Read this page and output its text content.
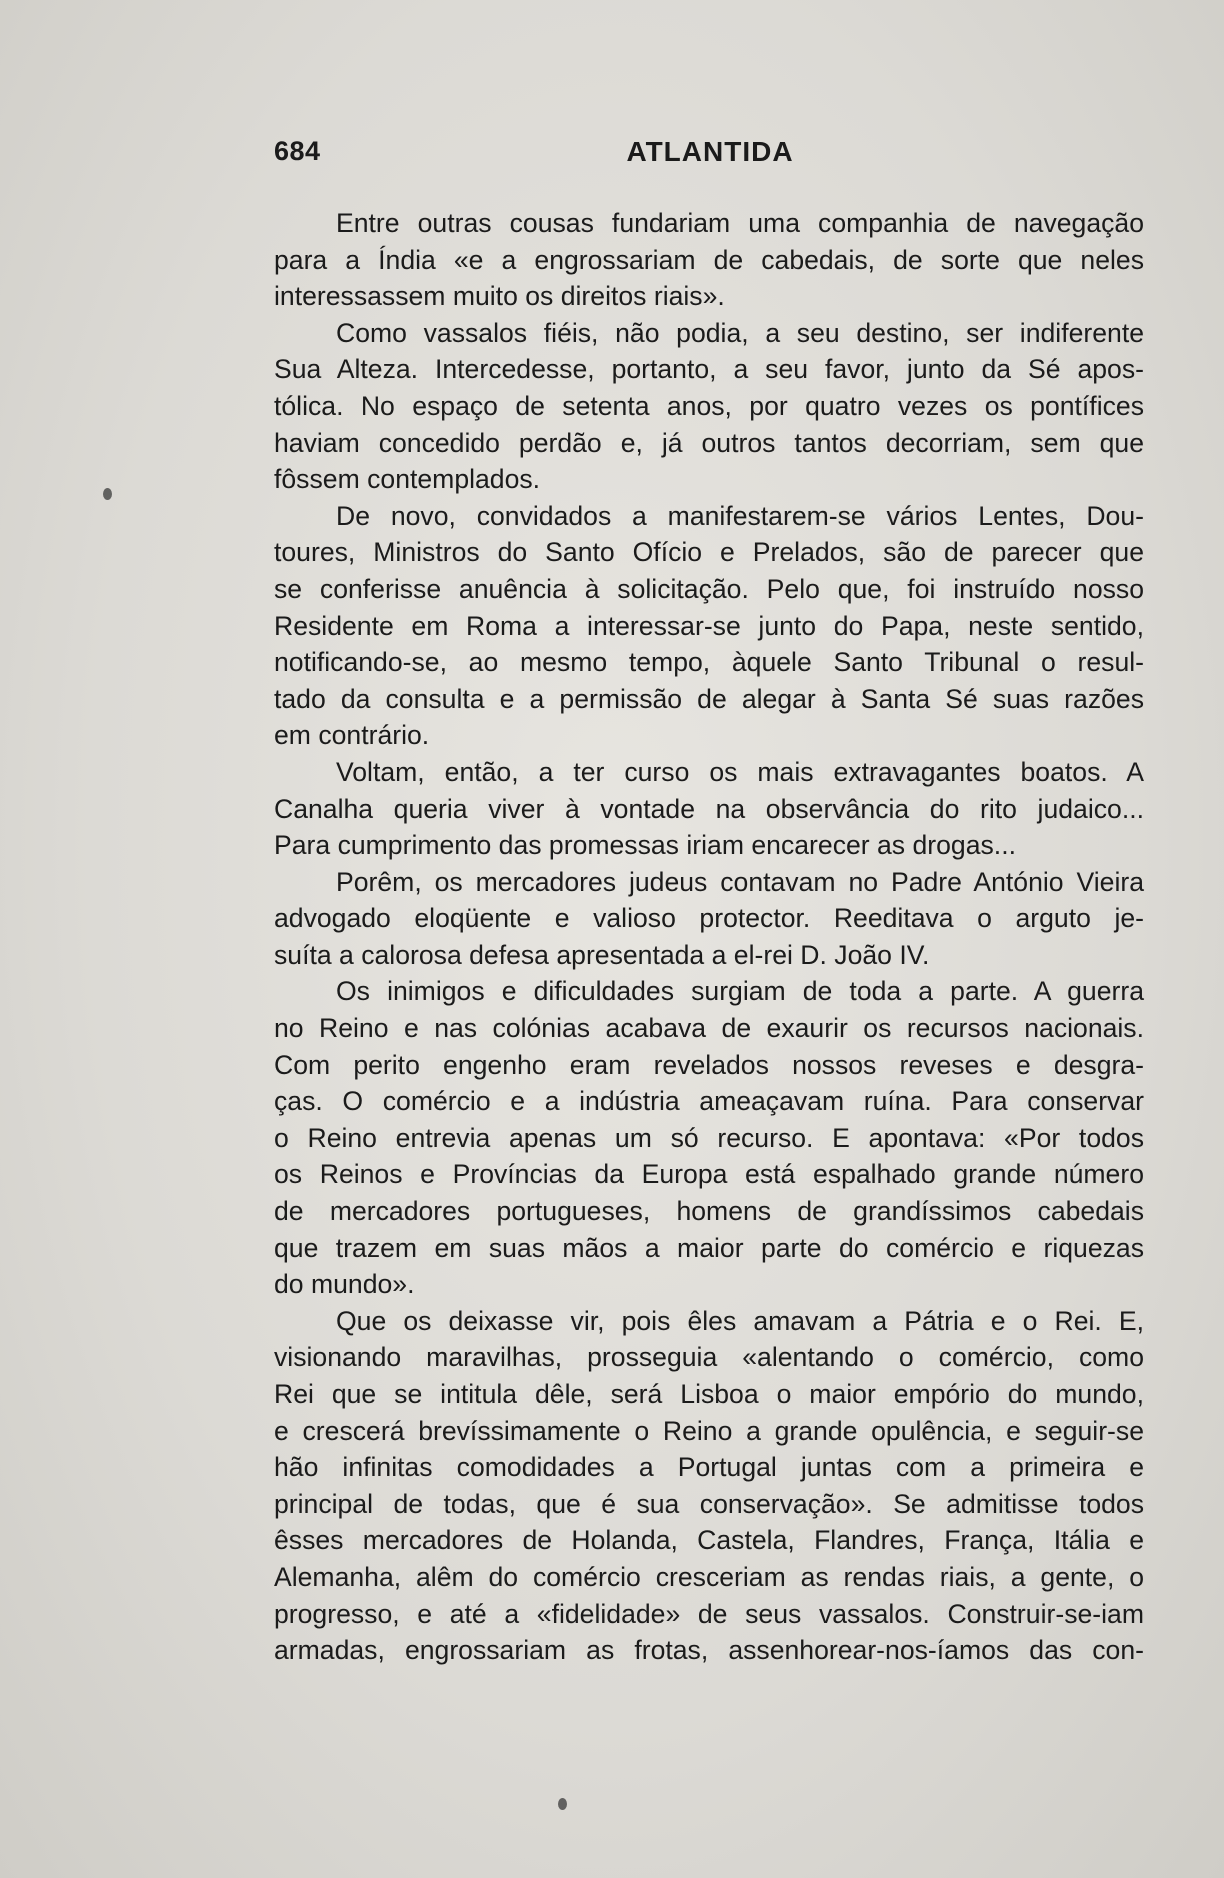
684	ATLANTIDA
Entre outras cousas fundariam uma companhia de navegação
para a Índia «e a engrossariam de cabedais, de sorte que neles
interessassem muito os direitos riais».
Como vassalos fiéis, não podia, a seu destino, ser indiferente
Sua Alteza. Intercedesse, portanto, a seu favor, junto da Sé apos-
tólica. No espaço de setenta anos, por quatro vezes os pontífices
haviam concedido perdão e, já outros tantos decorriam, sem que
fôssem contemplados.
De novo, convidados a manifestarem-se vários Lentes, Dou-
toures, Ministros do Santo Ofício e Prelados, são de parecer que
se conferisse anuência à solicitação. Pelo que, foi instruído nosso
Residente em Roma a interessar-se junto do Papa, neste sentido,
notificando-se, ao mesmo tempo, àquele Santo Tribunal o resul-
tado da consulta e a permissão de alegar à Santa Sé suas razões
em contrário.
Voltam, então, a ter curso os mais extravagantes boatos. A
Canalha queria viver à vontade na observância do rito judaico...
Para cumprimento das promessas iriam encarecer as drogas...
Porêm, os mercadores judeus contavam no Padre António Vieira
advogado eloqüente e valioso protector. Reeditava o arguto je-
suíta a calorosa defesa apresentada a el-rei D. João IV.
Os inimigos e dificuldades surgiam de toda a parte. A guerra
no Reino e nas colónias acabava de exaurir os recursos nacionais.
Com perito engenho eram revelados nossos reveses e desgra-
ças. O comércio e a indústria ameaçavam ruína. Para conservar
o Reino entrevia apenas um só recurso. E apontava: «Por todos
os Reinos e Províncias da Europa está espalhado grande número
de mercadores portugueses, homens de grandíssimos cabedais
que trazem em suas mãos a maior parte do comércio e riquezas
do mundo».
Que os deixasse vir, pois êles amavam a Pátria e o Rei. E,
visionando maravilhas, prosseguia «alentando o comércio, como
Rei que se intitula dêle, será Lisboa o maior empório do mundo,
e crescerá brevíssimamente o Reino a grande opulência, e seguir-se
hão infinitas comodidades a Portugal juntas com a primeira e
principal de todas, que é sua conservação». Se admitisse todos
êsses mercadores de Holanda, Castela, Flandres, França, Itália e
Alemanha, alêm do comércio cresceriam as rendas riais, a gente, o
progresso, e até a «fidelidade» de seus vassalos. Construir-se-iam
armadas, engrossariam as frotas, assenhorear-nos-íamos das con-
